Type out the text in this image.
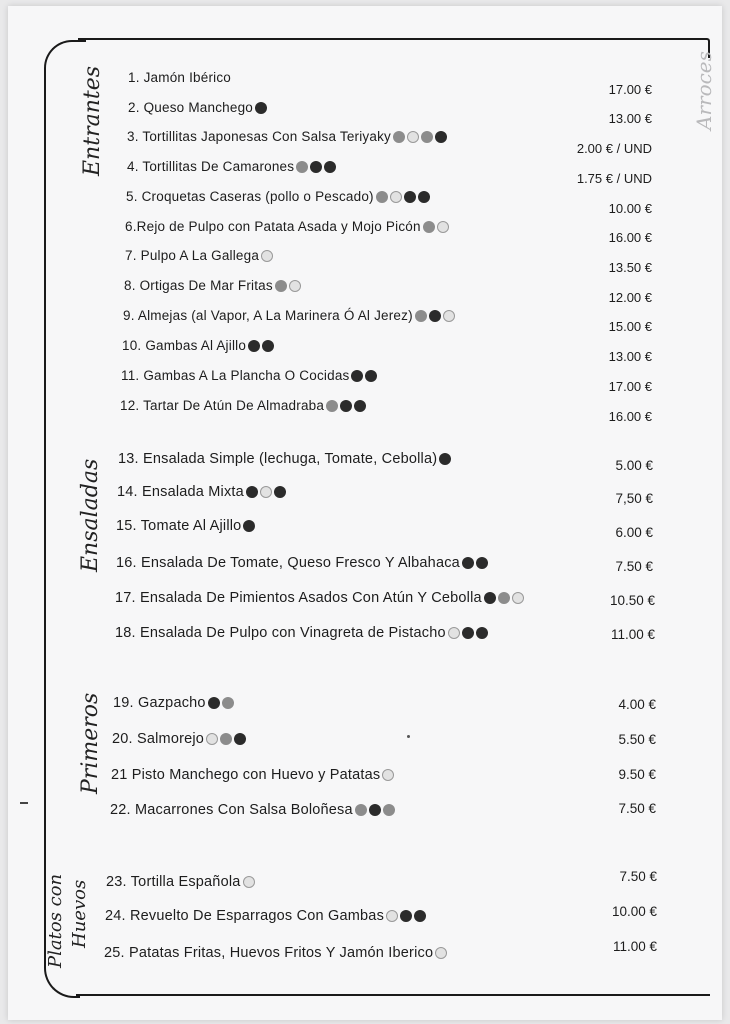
Arroces
Entrantes
Ensaladas
Primeros
Platos con Huevos
1. Jamón Ibérico
17.00 €
2. Queso Manchego
13.00 €
3. Tortillitas Japonesas Con Salsa Teriyaky
2.00 € / UND
4. Tortillitas De Camarones
1.75 € / UND
5. Croquetas Caseras (pollo o Pescado)
10.00 €
6.Rejo de Pulpo con Patata Asada y Mojo Picón
16.00 €
7. Pulpo A La Gallega
13.50 €
8. Ortigas De Mar Fritas
12.00 €
9. Almejas (al Vapor, A La Marinera Ó Al Jerez)
15.00 €
10. Gambas Al Ajillo
13.00 €
11. Gambas A La Plancha O Cocidas
17.00 €
12. Tartar De Atún De Almadraba
16.00 €
13. Ensalada Simple (lechuga, Tomate, Cebolla)	5.00 €
14. Ensalada Mixta	7,50 €
15. Tomate Al Ajillo	6.00 €
16. Ensalada De Tomate, Queso Fresco Y Albahaca	7.50 €
17. Ensalada De Pimientos Asados Con Atún Y Cebolla	10.50 €
18. Ensalada De Pulpo con Vinagreta de Pistacho	11.00 €
19. Gazpacho	4.00 €
20. Salmorejo	5.50 €
21 Pisto Manchego con Huevo y Patatas	9.50 €
22. Macarrones Con Salsa Boloñesa	7.50 €
23. Tortilla Española	7.50 €
24. Revuelto De Esparragos Con Gambas	10.00 €
25. Patatas Fritas, Huevos Fritos Y Jamón Iberico	11.00 €
